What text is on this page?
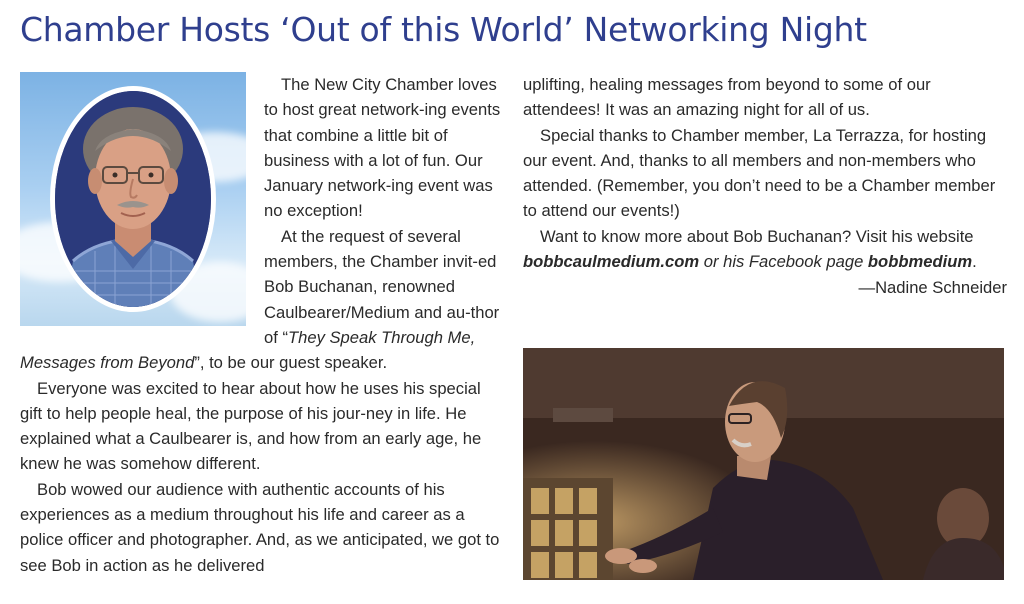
Chamber Hosts ‘Out of this World’ Networking Night

The New City Chamber loves to host great network-ing events that combine a little bit of business with a lot of fun. Our January network-ing event was no exception!

At the request of several members, the Chamber invit-ed Bob Buchanan, renowned Caulbearer/Medium and au-thor of “They Speak Through Me, Messages from Beyond”, to be our guest speaker.

Everyone was excited to hear about how he uses his special gift to help people heal, the purpose of his jour-ney in life. He explained what a Caulbearer is, and how from an early age, he knew he was somehow different.

Bob wowed our audience with authentic accounts of his experiences as a medium throughout his life and career as a police officer and photographer. And, as we anticipated, we got to see Bob in action as he delivered

uplifting, healing messages from beyond to some of our attendees! It was an amazing night for all of us.

Special thanks to Chamber member, La Terrazza, for hosting our event. And, thanks to all members and non-members who attended. (Remember, you don’t need to be a Chamber member to attend our events!)

Want to know more about Bob Buchanan? Visit his website bobbcaulmedium.com or his Facebook page bobbmedium.

—Nadine Schneider
